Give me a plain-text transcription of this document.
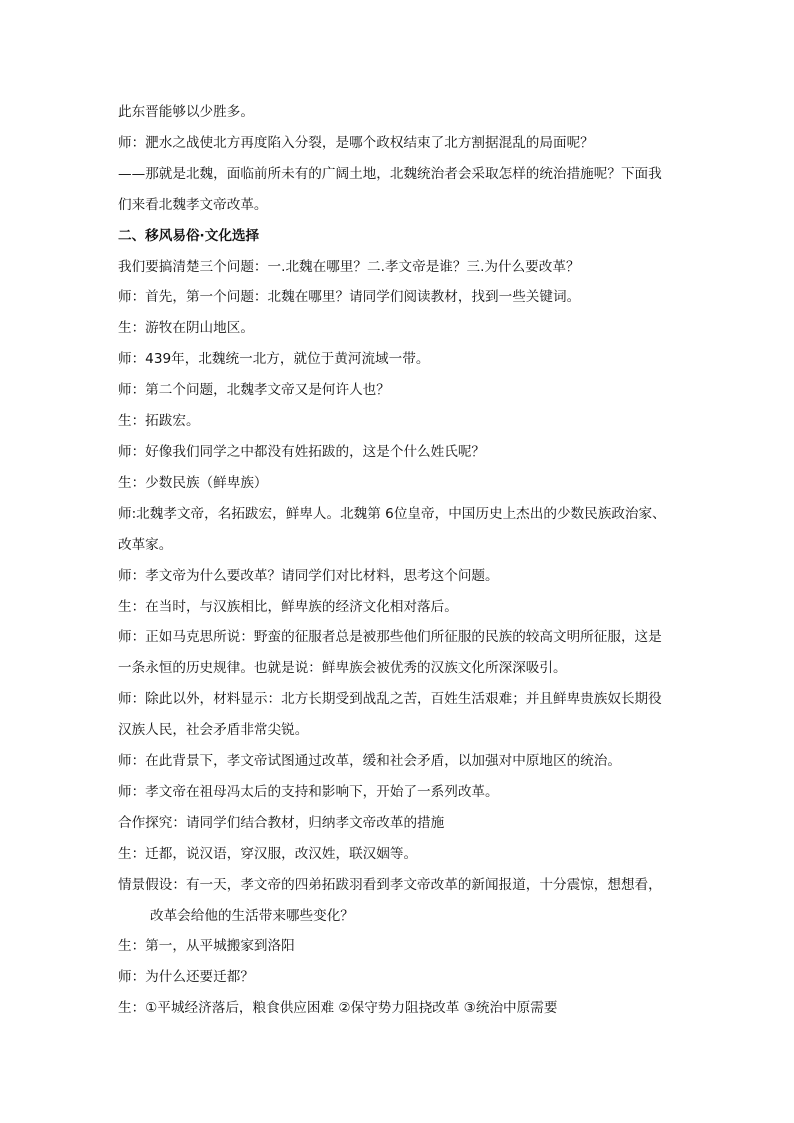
此东晋能够以少胜多。
师：淝水之战使北方再度陷入分裂，是哪个政权结束了北方割据混乱的局面呢？
——那就是北魏，面临前所未有的广阔土地，北魏统治者会采取怎样的统治措施呢？下面我
们来看北魏孝文帝改革。
二、移风易俗·文化选择
我们要搞清楚三个问题：一.北魏在哪里？二.孝文帝是谁？三.为什么要改革？
师：首先，第一个问题：北魏在哪里？请同学们阅读教材，找到一些关键词。
生：游牧在阴山地区。
师：439年，北魏统一北方，就位于黄河流域一带。
师：第二个问题，北魏孝文帝又是何许人也？
生：拓跋宏。
师：好像我们同学之中都没有姓拓跋的，这是个什么姓氏呢？
生：少数民族（鲜卑族）
师:北魏孝文帝，名拓跋宏，鲜卑人。北魏第 6位皇帝，中国历史上杰出的少数民族政治家、
改革家。
师：孝文帝为什么要改革？请同学们对比材料，思考这个问题。
生：在当时，与汉族相比，鲜卑族的经济文化相对落后。
师：正如马克思所说：野蛮的征服者总是被那些他们所征服的民族的较高文明所征服，这是
一条永恒的历史规律。也就是说：鲜卑族会被优秀的汉族文化所深深吸引。
师：除此以外，材料显示：北方长期受到战乱之苦，百姓生活艰难；并且鲜卑贵族奴长期役
汉族人民，社会矛盾非常尖锐。
师：在此背景下，孝文帝试图通过改革，缓和社会矛盾，以加强对中原地区的统治。
师：孝文帝在祖母冯太后的支持和影响下，开始了一系列改革。
合作探究：请同学们结合教材，归纳孝文帝改革的措施
生：迁都，说汉语，穿汉服，改汉姓，联汉姻等。
情景假设：有一天，孝文帝的四弟拓跋羽看到孝文帝改革的新闻报道，十分震惊，想想看，
改革会给他的生活带来哪些变化？
生：第一，从平城搬家到洛阳
师：为什么还要迁都？
生：①平城经济落后，粮食供应困难 ②保守势力阻挠改革 ③统治中原需要
